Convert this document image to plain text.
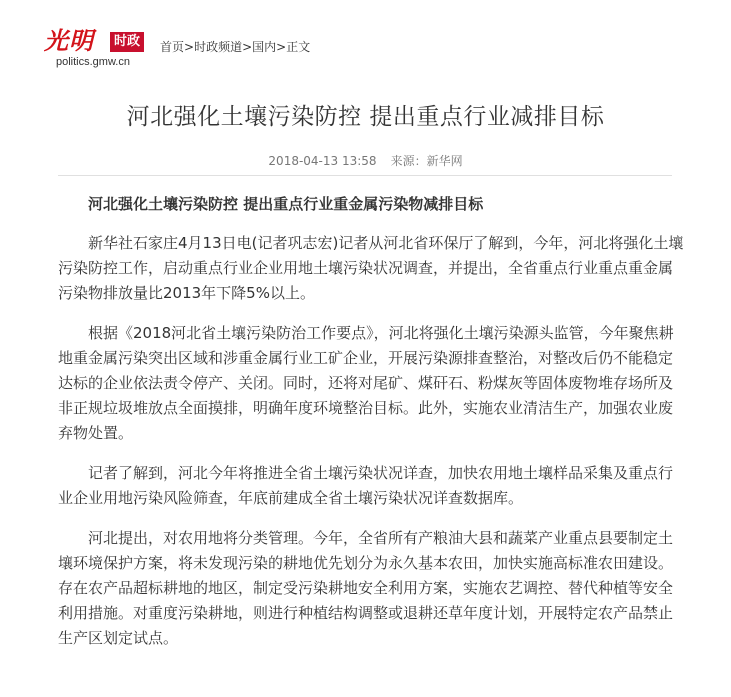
光明	时政
politics.gmw.cn
首页>时政频道>国内>正文
河北强化土壤污染防控 提出重点行业减排目标
2018-04-13 13:58 来源：新华网

河北强化土壤污染防控 提出重点行业重金属污染物减排目标

新华社石家庄4月13日电(记者巩志宏)记者从河北省环保厅了解到，今年，河北将强化土壤污染防控工作，启动重点行业企业用地土壤污染状况调查，并提出，全省重点行业重点重金属污染物排放量比2013年下降5%以上。

根据《2018河北省土壤污染防治工作要点》，河北将强化土壤污染源头监管，今年聚焦耕地重金属污染突出区域和涉重金属行业工矿企业，开展污染源排查整治，对整改后仍不能稳定达标的企业依法责令停产、关闭。同时，还将对尾矿、煤矸石、粉煤灰等固体废物堆存场所及非正规垃圾堆放点全面摸排，明确年度环境整治目标。此外，实施农业清洁生产，加强农业废弃物处置。

记者了解到，河北今年将推进全省土壤污染状况详查，加快农用地土壤样品采集及重点行业企业用地污染风险筛查，年底前建成全省土壤污染状况详查数据库。

河北提出，对农用地将分类管理。今年，全省所有产粮油大县和蔬菜产业重点县要制定土壤环境保护方案，将未发现污染的耕地优先划分为永久基本农田，加快实施高标准农田建设。存在农产品超标耕地的地区，制定受污染耕地安全利用方案，实施农艺调控、替代种植等安全利用措施。对重度污染耕地，则进行种植结构调整或退耕还草年度计划，开展特定农产品禁止生产区划定试点。
